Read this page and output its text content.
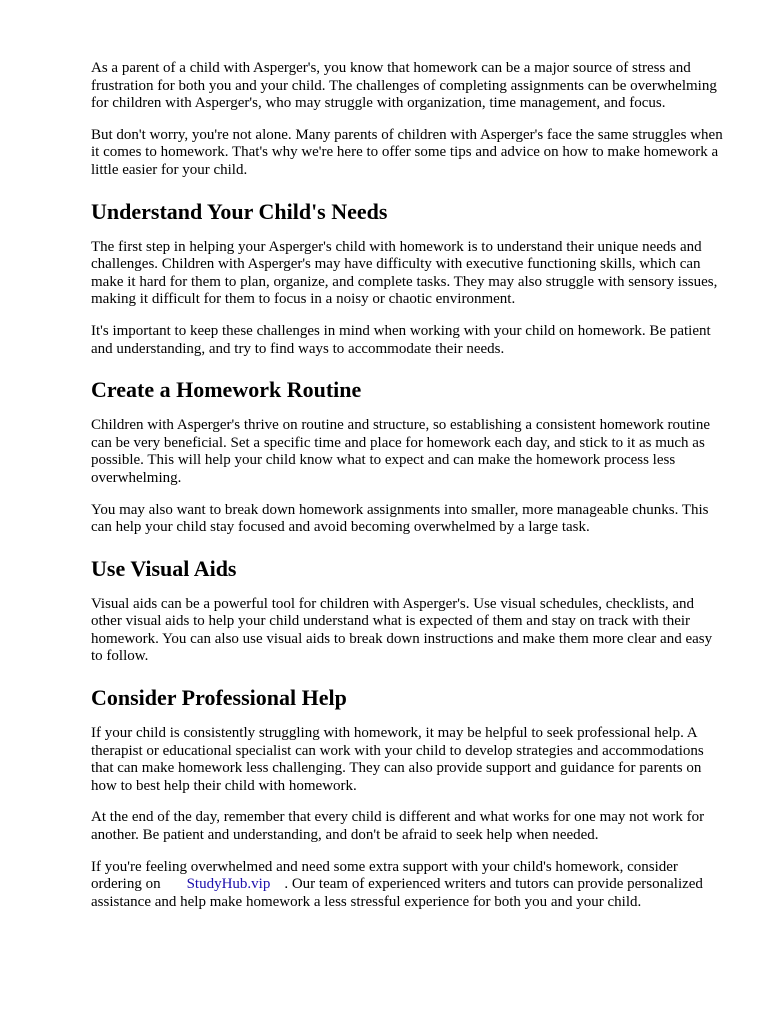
As a parent of a child with Asperger's, you know that homework can be a major source of stress and frustration for both you and your child. The challenges of completing assignments can be overwhelming for children with Asperger's, who may struggle with organization, time management, and focus.

But don't worry, you're not alone. Many parents of children with Asperger's face the same struggles when it comes to homework. That's why we're here to offer some tips and advice on how to make homework a little easier for your child.

Understand Your Child's Needs

The first step in helping your Asperger's child with homework is to understand their unique needs and challenges. Children with Asperger's may have difficulty with executive functioning skills, which can make it hard for them to plan, organize, and complete tasks. They may also struggle with sensory issues, making it difficult for them to focus in a noisy or chaotic environment.

It's important to keep these challenges in mind when working with your child on homework. Be patient and understanding, and try to find ways to accommodate their needs.

Create a Homework Routine

Children with Asperger's thrive on routine and structure, so establishing a consistent homework routine can be very beneficial. Set a specific time and place for homework each day, and stick to it as much as possible. This will help your child know what to expect and can make the homework process less overwhelming.

You may also want to break down homework assignments into smaller, more manageable chunks. This can help your child stay focused and avoid becoming overwhelmed by a large task.

Use Visual Aids

Visual aids can be a powerful tool for children with Asperger's. Use visual schedules, checklists, and other visual aids to help your child understand what is expected of them and stay on track with their homework. You can also use visual aids to break down instructions and make them more clear and easy to follow.

Consider Professional Help

If your child is consistently struggling with homework, it may be helpful to seek professional help. A therapist or educational specialist can work with your child to develop strategies and accommodations that can make homework less challenging. They can also provide support and guidance for parents on how to best help their child with homework.

At the end of the day, remember that every child is different and what works for one may not work for another. Be patient and understanding, and don't be afraid to seek help when needed.

If you're feeling overwhelmed and need some extra support with your child's homework, consider ordering on StudyHub.vip . Our team of experienced writers and tutors can provide personalized assistance and help make homework a less stressful experience for both you and your child.
